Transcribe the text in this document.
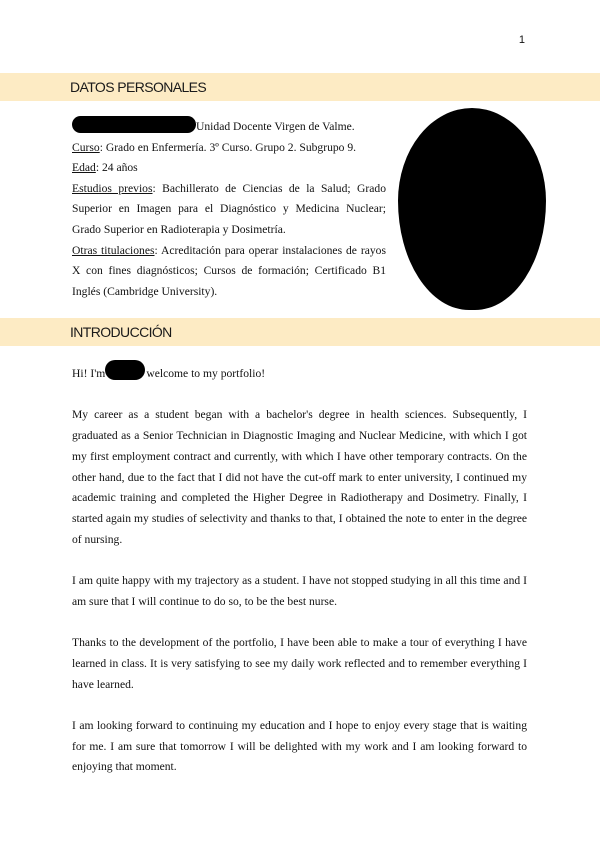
1
DATOS PERSONALES

Unidad Docente Virgen de Valme.

Curso: Grado en Enfermería. 3º Curso. Grupo 2. Subgrupo 9.

Edad: 24 años

Estudios previos: Bachillerato de Ciencias de la Salud; Grado Superior en Imagen para el Diagnóstico y Medicina Nuclear; Grado Superior en Radioterapia y Dosimetría.

Otras titulaciones: Acreditación para operar instalaciones de rayos X con fines diagnósticos; Cursos de formación; Certificado B1 Inglés (Cambridge University).

INTRODUCCIÓN

Hi! I'm	welcome to my portfolio!

My career as a student began with a bachelor's degree in health sciences. Subsequently, I graduated as a Senior Technician in Diagnostic Imaging and Nuclear Medicine, with which I got my first employment contract and currently, with which I have other temporary contracts. On the other hand, due to the fact that I did not have the cut-off mark to enter university, I continued my academic training and completed the Higher Degree in Radiotherapy and Dosimetry. Finally, I started again my studies of selectivity and thanks to that, I obtained the note to enter in the degree of nursing.

I am quite happy with my trajectory as a student. I have not stopped studying in all this time and I am sure that I will continue to do so, to be the best nurse.

Thanks to the development of the portfolio, I have been able to make a tour of everything I have learned in class. It is very satisfying to see my daily work reflected and to remember everything I have learned.

I am looking forward to continuing my education and I hope to enjoy every stage that is waiting for me. I am sure that tomorrow I will be delighted with my work and I am looking forward to enjoying that moment.
